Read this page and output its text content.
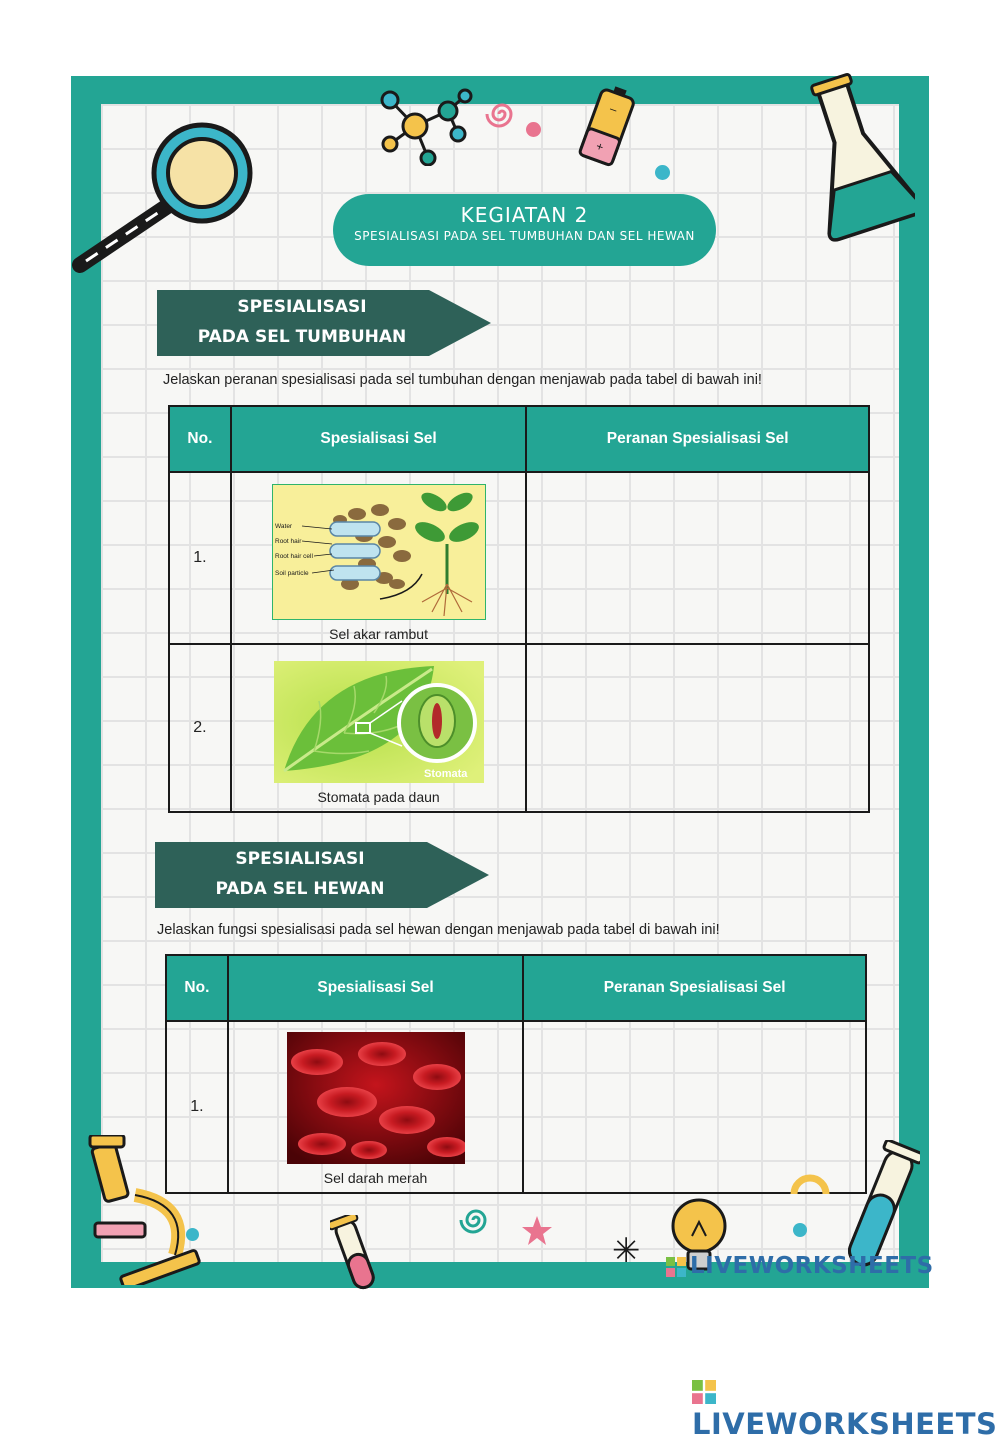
–
+
KEGIATAN 2
SPESIALISASI PADA SEL TUMBUHAN DAN SEL HEWAN
SPESIALISASI
PADA SEL TUMBUHAN
Jelaskan peranan spesialisasi pada sel tumbuhan dengan menjawab pada tabel di bawah ini!
No.	Spesialisasi Sel	Peranan Spesialisasi Sel
1.	Water
Root hair
Root hair cell
Soil particle
Sel akar rambut	

2.	Stomata
Stomata pada daun	

SPESIALISASI
PADA SEL HEWAN
Jelaskan fungsi spesialisasi pada sel hewan dengan menjawab pada tabel di bawah ini!
No.	Spesialisasi Sel	Peranan Spesialisasi Sel
1.	Sel darah merah	

✳	LIVEWORKSHEETS
LIVEWORKSHEETS
